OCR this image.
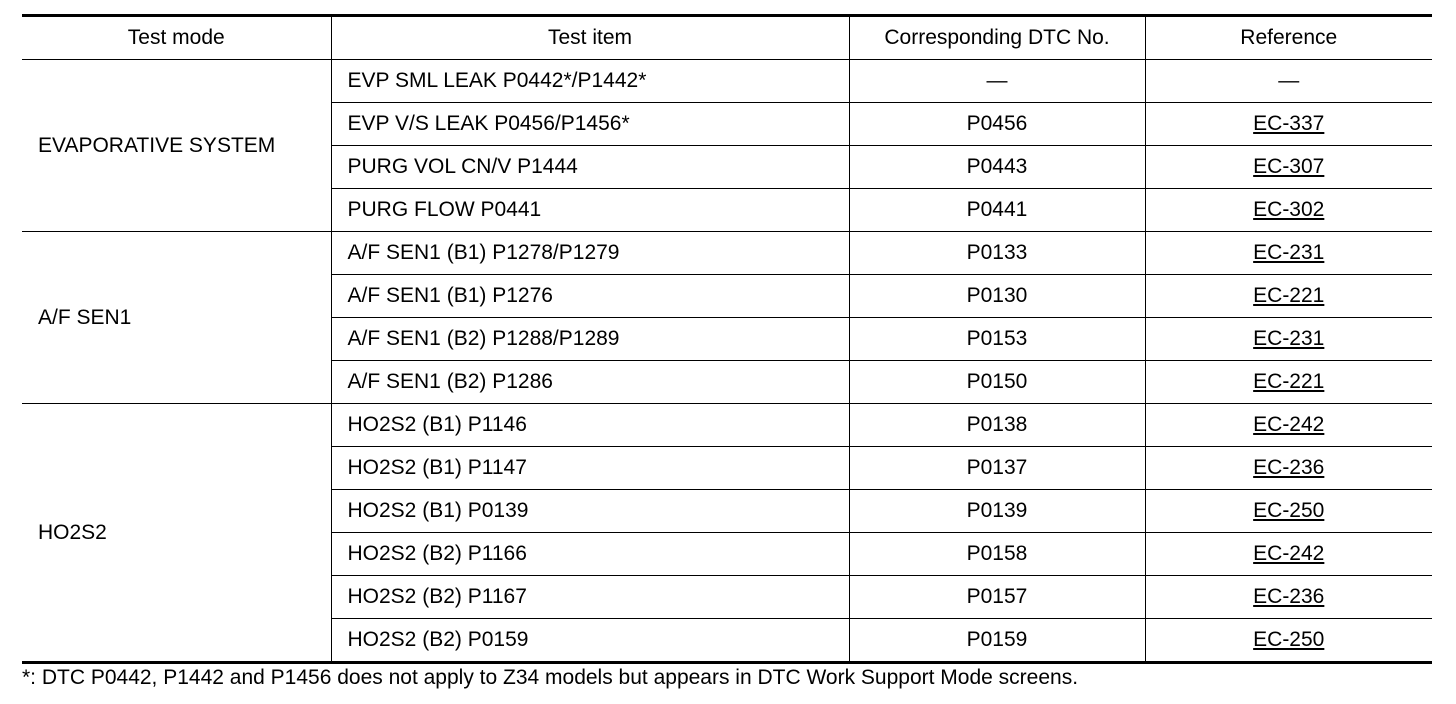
Test mode	Test item	Corresponding DTC No.	Reference
EVAPORATIVE SYSTEM	EVP SML LEAK P0442*/P1442*	—	—
	EVP V/S LEAK P0456/P1456*	P0456	EC-337
	PURG VOL CN/V P1444	P0443	EC-307
	PURG FLOW P0441	P0441	EC-302
A/F SEN1	A/F SEN1 (B1) P1278/P1279	P0133	EC-231
	A/F SEN1 (B1) P1276	P0130	EC-221
	A/F SEN1 (B2) P1288/P1289	P0153	EC-231
	A/F SEN1 (B2) P1286	P0150	EC-221
HO2S2	HO2S2 (B1) P1146	P0138	EC-242
	HO2S2 (B1) P1147	P0137	EC-236
	HO2S2 (B1) P0139	P0139	EC-250
	HO2S2 (B2) P1166	P0158	EC-242
	HO2S2 (B2) P1167	P0157	EC-236
	HO2S2 (B2) P0159	P0159	EC-250
*: DTC P0442, P1442 and P1456 does not apply to Z34 models but appears in DTC Work Support Mode screens.
